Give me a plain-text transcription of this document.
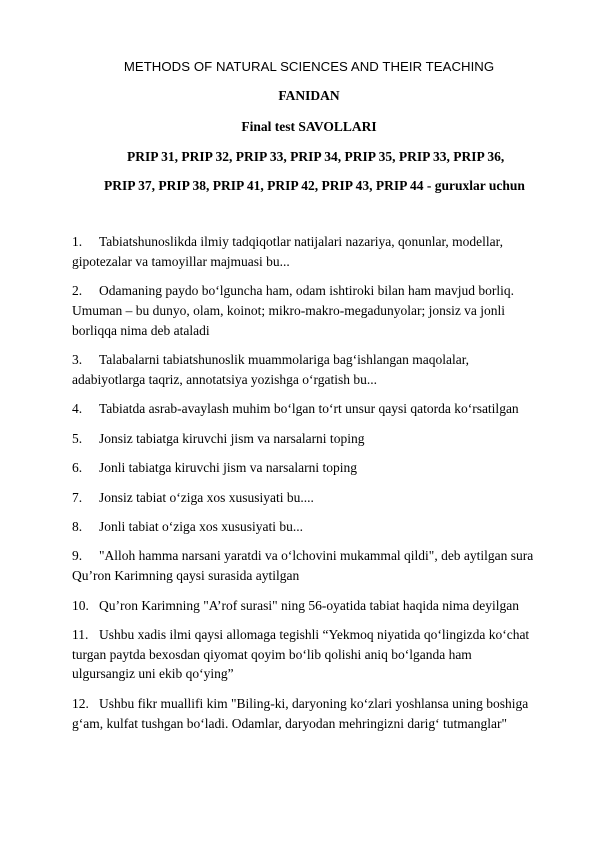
METHODS OF NATURAL SCIENCES AND THEIR TEACHING
FANIDAN
Final test SAVOLLARI
PRIP 31, PRIP 32, PRIP 33, PRIP 34, PRIP 35, PRIP 33, PRIP 36,
PRIP 37, PRIP 38, PRIP 41, PRIP 42, PRIP 43, PRIP 44 - guruxlar uchun
1. Tabiatshunoslikda ilmiy tadqiqotlar natijalari nazariya, qonunlar, modellar,
gipotezalar va tamoyillar majmuasi bu...
2. Odamaning paydo bo‘lguncha ham, odam ishtiroki bilan ham mavjud borliq.
Umuman – bu dunyo, olam, koinot; mikro-makro-megadunyolar; jonsiz va jonli
borliqqa nima deb ataladi
3. Talabalarni tabiatshunoslik muammolariga bag‘ishlangan maqolalar,
adabiyotlarga taqriz, annotatsiya yozishga o‘rgatish bu...
4. Tabiatda asrab-avaylash muhim bo‘lgan to‘rt unsur qaysi qatorda ko‘rsatilgan
5. Jonsiz tabiatga kiruvchi jism va narsalarni toping
6. Jonli tabiatga kiruvchi jism va narsalarni toping
7. Jonsiz tabiat o‘ziga xos xususiyati bu....
8. Jonli tabiat o‘ziga xos xususiyati bu...
9. "Alloh hamma narsani yaratdi va o‘lchovini mukammal qildi", deb aytilgan sura
Qu’ron Karimning qaysi surasida aytilgan
10. Qu’ron Karimning "A’rof surasi" ning 56-oyatida tabiat haqida nima deyilgan
11. Ushbu xadis ilmi qaysi allomaga tegishli “Yekmoq niyatida qo‘lingizda ko‘chat
turgan paytda bexosdan qiyomat qoyim bo‘lib qolishi aniq bo‘lganda ham
ulgursangiz uni ekib qo‘ying”
12. Ushbu fikr muallifi kim "Biling-ki, daryoning ko‘zlari yoshlansa uning boshiga
g‘am, kulfat tushgan bo‘ladi. Odamlar, daryodan mehringizni darig‘ tutmanglar"
